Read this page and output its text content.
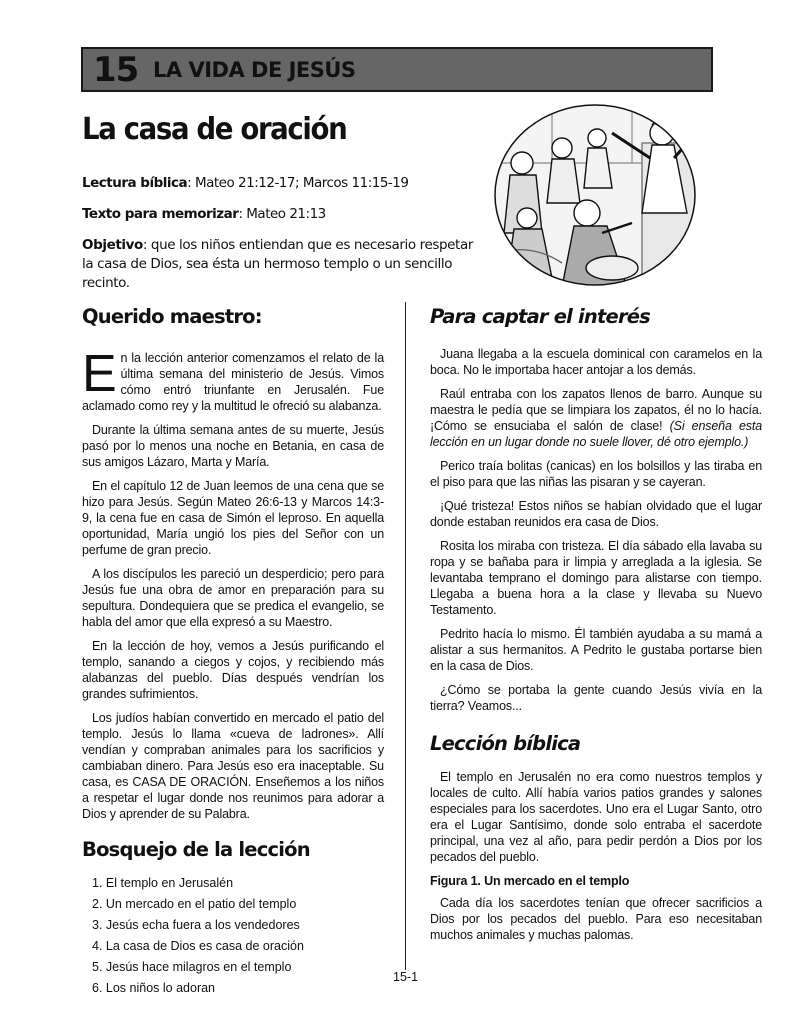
15 LA VIDA DE JESÚS
La casa de oración
Lectura bíblica: Mateo 21:12-17; Marcos 11:15-19
Texto para memorizar: Mateo 21:13
Objetivo: que los niños entiendan que es necesario respetar la casa de Dios, sea ésta un hermoso templo o un sencillo recinto.
Querido maestro:

En la lección anterior comenzamos el relato de la última semana del ministerio de Jesús. Vimos cómo entró triunfante en Jerusalén. Fue aclamado como rey y la multitud le ofreció su alabanza.

Durante la última semana antes de su muerte, Jesús pasó por lo menos una noche en Betania, en casa de sus amigos Lázaro, Marta y María.

En el capítulo 12 de Juan leemos de una cena que se hizo para Jesús. Según Mateo 26:6-13 y Marcos 14:3-9, la cena fue en casa de Simón el leproso. En aquella oportunidad, María ungió los pies del Señor con un perfume de gran precio.

A los discípulos les pareció un desperdicio; pero para Jesús fue una obra de amor en preparación para su sepultura. Dondequiera que se predica el evangelio, se habla del amor que ella expresó a su Maestro.

En la lección de hoy, vemos a Jesús purificando el templo, sanando a ciegos y cojos, y recibiendo más alabanzas del pueblo. Días después vendrían los grandes sufrimientos.

Los judíos habían convertido en mercado el patio del templo. Jesús lo llama «cueva de ladrones». Allí vendían y compraban animales para los sacrificios y cambiaban dinero. Para Jesús eso era inaceptable. Su casa, es CASA DE ORACIÓN. Enseñemos a los niños a respetar el lugar donde nos reunimos para adorar a Dios y aprender de su Palabra.

Bosquejo de la lección
1. El templo en Jerusalén
2. Un mercado en el patio del templo
3. Jesús echa fuera a los vendedores
4. La casa de Dios es casa de oración
5. Jesús hace milagros en el templo
6. Los niños lo adoran
Para captar el interés

Juana llegaba a la escuela dominical con caramelos en la boca. No le importaba hacer antojar a los demás.

Raúl entraba con los zapatos llenos de barro. Aunque su maestra le pedía que se limpiara los zapatos, él no lo hacía. ¡Cómo se ensuciaba el salón de clase! (Si enseña esta lección en un lugar donde no suele llover, dé otro ejemplo.)

Perico traía bolitas (canicas) en los bolsillos y las tiraba en el piso para que las niñas las pisaran y se cayeran.

¡Qué tristeza! Estos niños se habían olvidado que el lugar donde estaban reunidos era casa de Dios.

Rosita los miraba con tristeza. El día sábado ella lavaba su ropa y se bañaba para ir limpia y arreglada a la iglesia. Se levantaba temprano el domingo para alistarse con tiempo. Llegaba a buena hora a la clase y llevaba su Nuevo Testamento.

Pedrito hacía lo mismo. Él también ayudaba a su mamá a alistar a sus hermanitos. A Pedrito le gustaba portarse bien en la casa de Dios.

¿Cómo se portaba la gente cuando Jesús vivía en la tierra? Veamos...

Lección bíblica

El templo en Jerusalén no era como nuestros templos y locales de culto. Allí había varios patios grandes y salones especiales para los sacerdotes. Uno era el Lugar Santo, otro era el Lugar Santísimo, donde solo entraba el sacerdote principal, una vez al año, para pedir perdón a Dios por los pecados del pueblo.

Figura 1. Un mercado en el templo

Cada día los sacerdotes tenían que ofrecer sacrificios a Dios por los pecados del pueblo. Para eso necesitaban muchos animales y muchas palomas.

15-1
